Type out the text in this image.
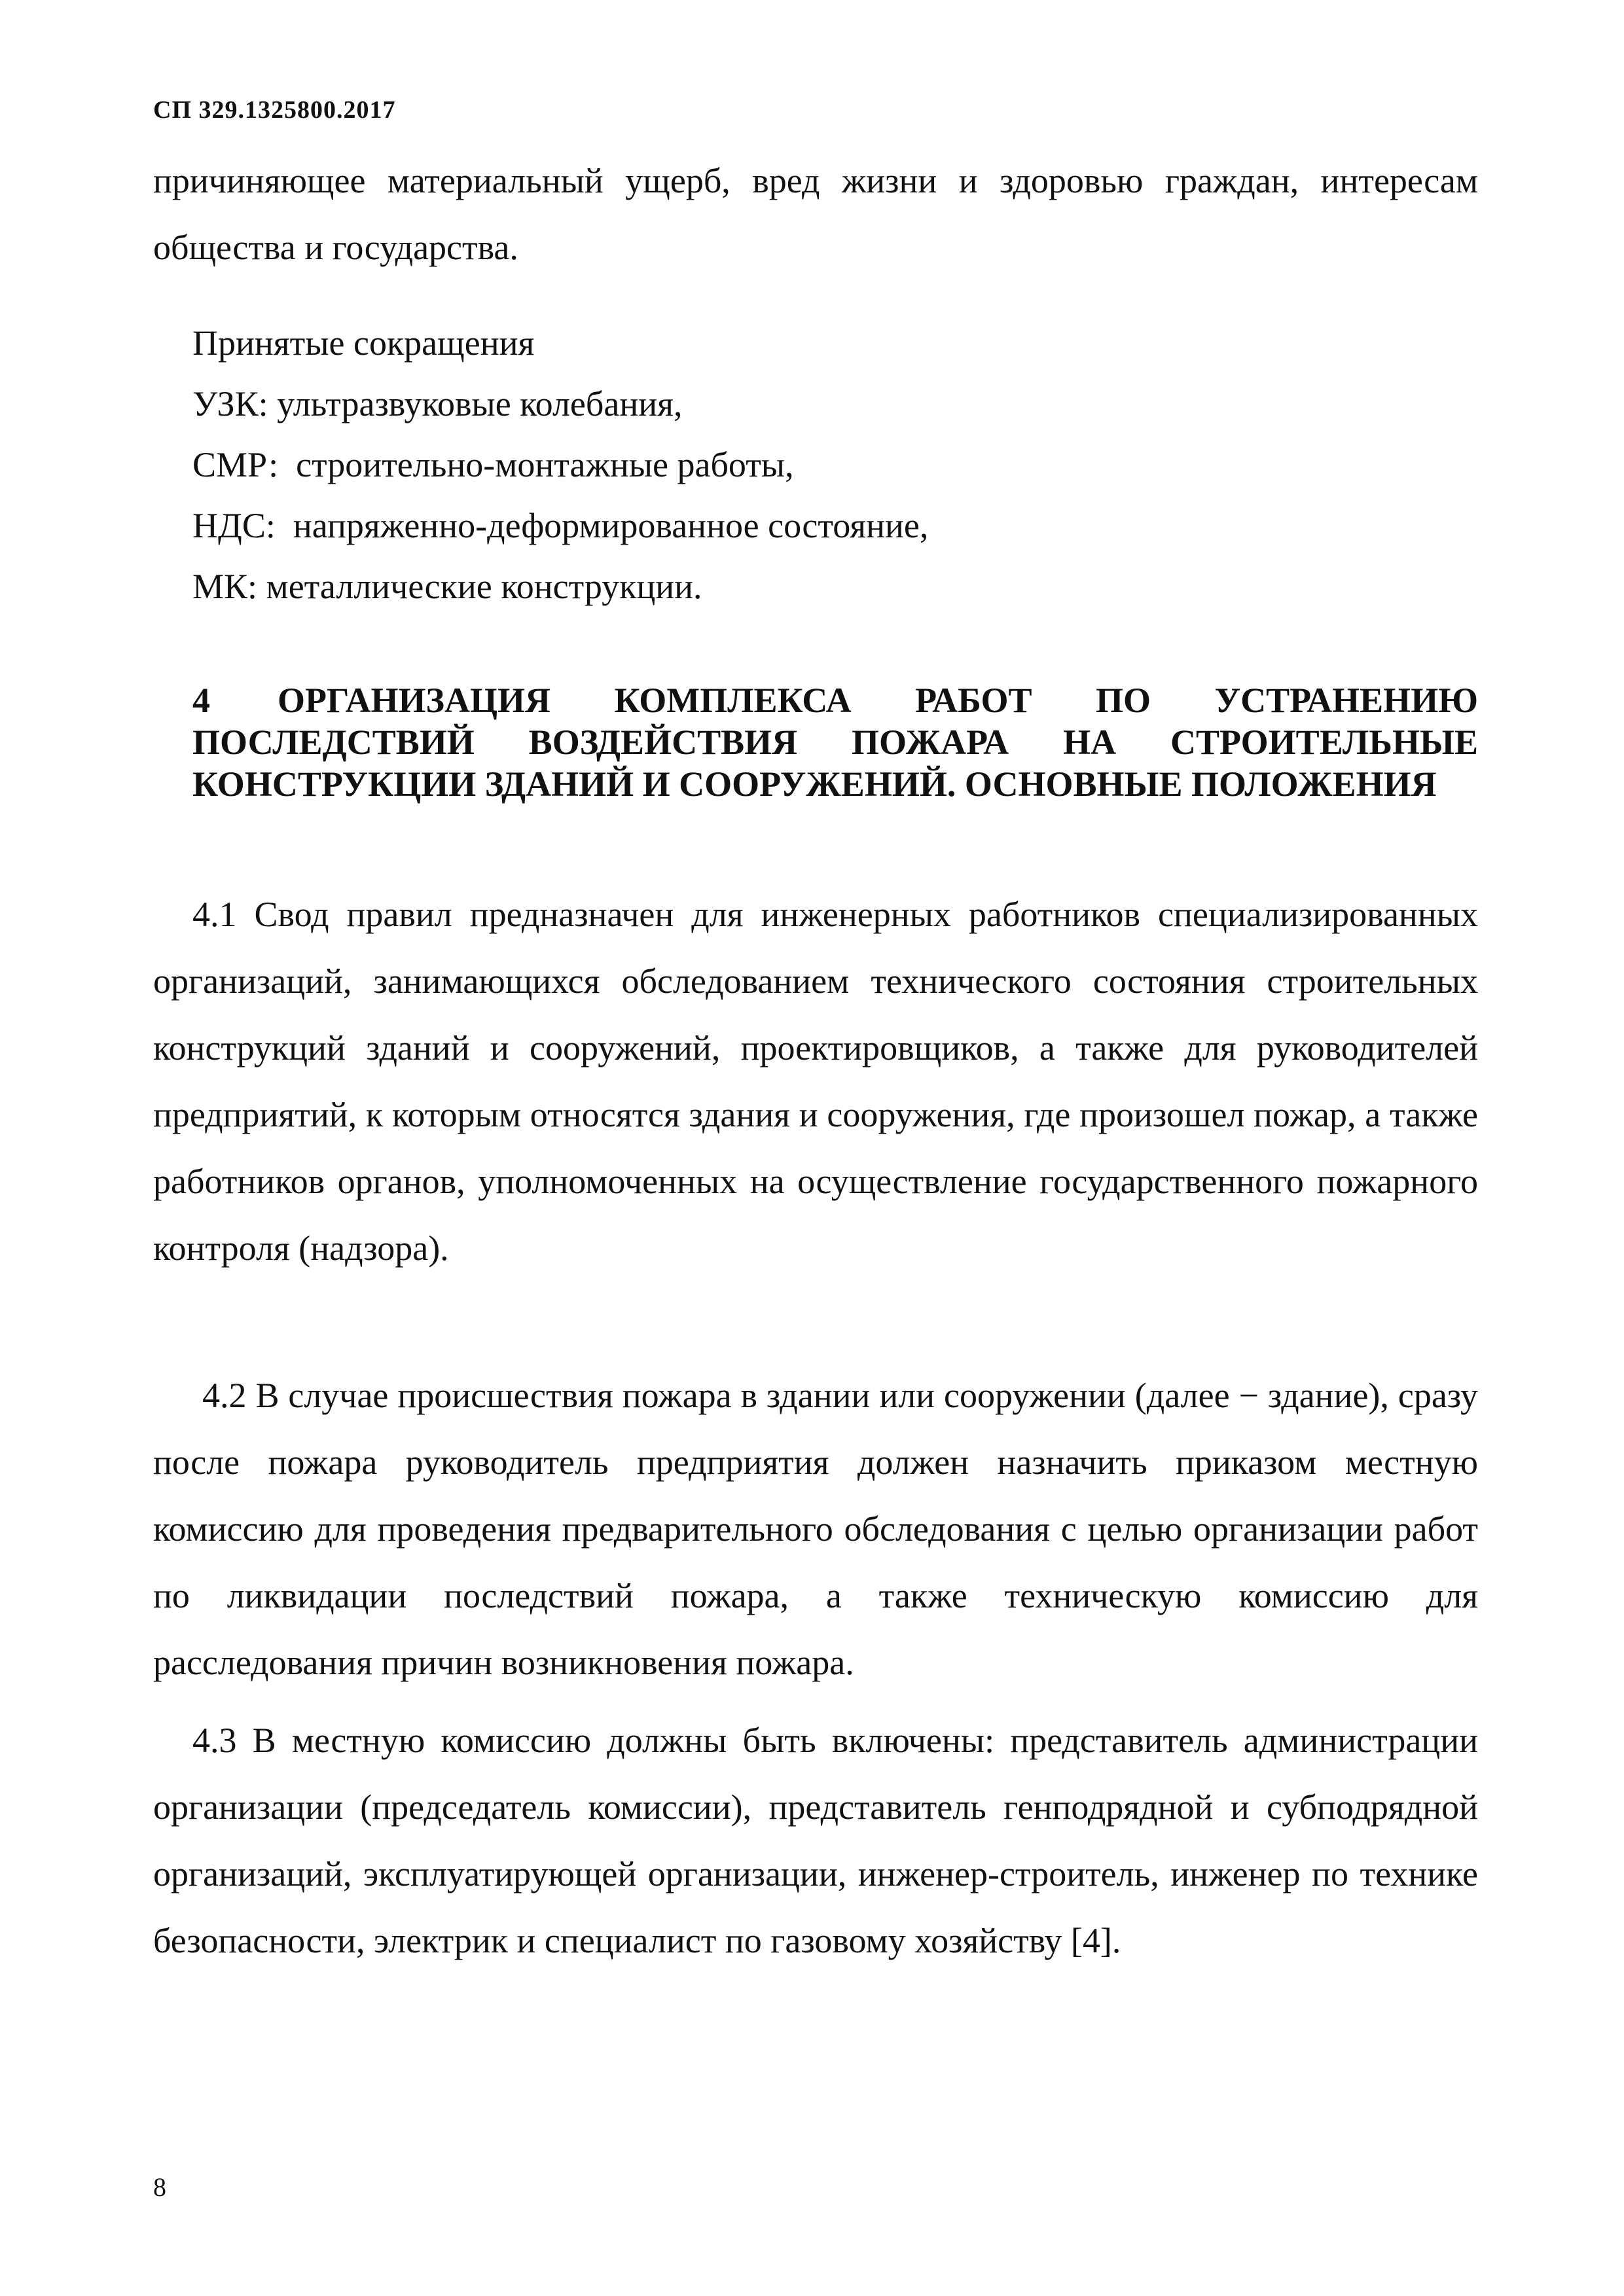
СП 329.1325800.2017

причиняющее материальный ущерб, вред жизни и здоровью граждан, интересам общества и государства.

Принятые сокращения
УЗК: ультразвуковые колебания,
СМР:  строительно-монтажные работы,
НДС:  напряженно-деформированное состояние,
МК: металлические конструкции.
4 ОРГАНИЗАЦИЯ КОМПЛЕКСА РАБОТ ПО УСТРАНЕНИЮ ПОСЛЕДСТВИЙ ВОЗДЕЙСТВИЯ ПОЖАРА НА СТРОИТЕЛЬНЫЕ КОНСТРУКЦИИ ЗДАНИЙ И СООРУЖЕНИЙ. ОСНОВНЫЕ ПОЛОЖЕНИЯ

4.1 Свод правил предназначен для инженерных работников специализированных организаций, занимающихся обследованием технического состояния строительных конструкций зданий и сооружений, проектировщиков, а также для руководителей предприятий, к которым относятся здания и сооружения, где произошел пожар, а также работников органов, уполномоченных на осуществление государственного пожарного контроля (надзора).

4.2 В случае происшествия пожара в здании или сооружении (далее − здание), сразу после пожара руководитель предприятия должен назначить приказом местную комиссию для проведения предварительного обследования с целью организации работ по ликвидации последствий пожара, а также техническую комиссию для расследования причин возникновения пожара.

4.3 В местную комиссию должны быть включены: представитель администрации организации (председатель комиссии), представитель генподрядной и субподрядной организаций, эксплуатирующей организации, инженер-строитель, инженер по технике безопасности, электрик и специалист по газовому хозяйству [4].

8
